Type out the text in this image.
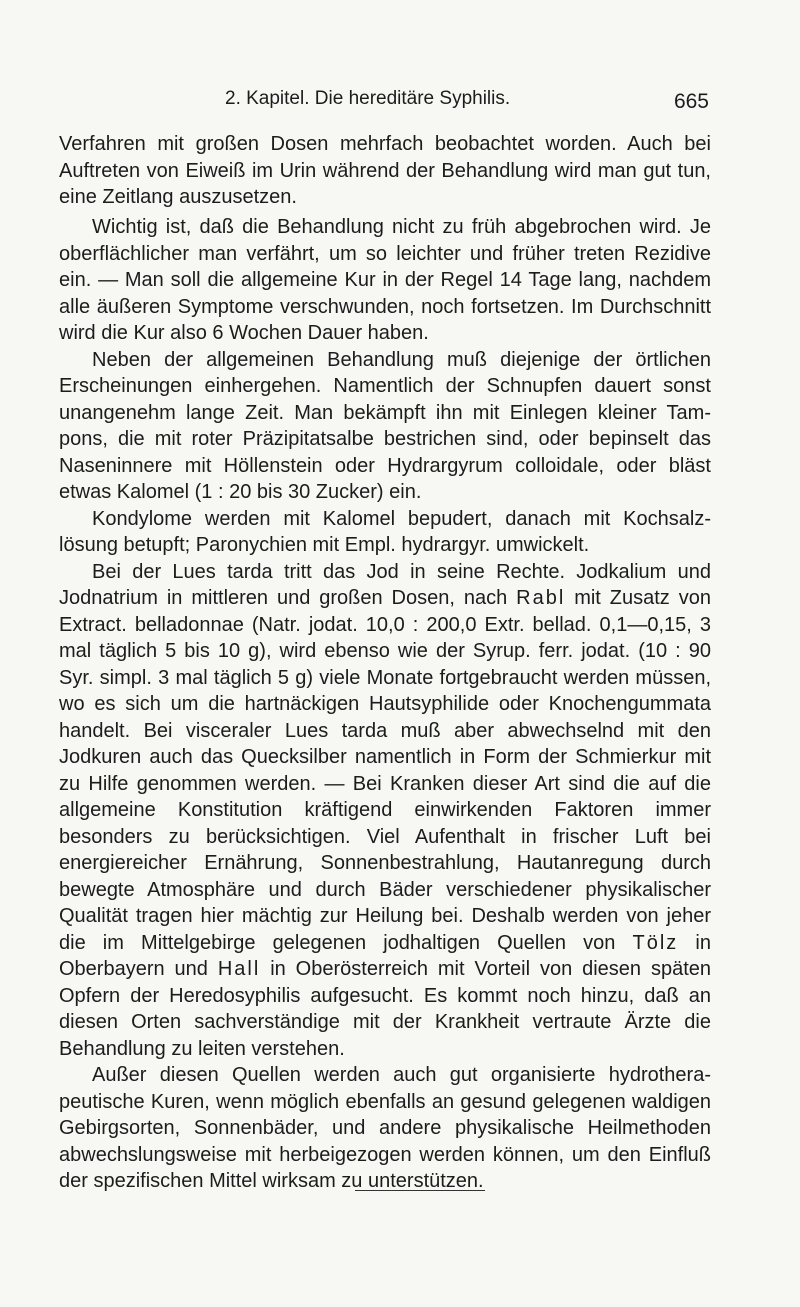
2. Kapitel. Die hereditäre Syphilis.	665

Verfahren mit großen Dosen mehrfach beobachtet worden. Auch bei Auftreten von Eiweiß im Urin während der Behandlung wird man gut tun, eine Zeitlang auszusetzen.

Wichtig ist, daß die Behandlung nicht zu früh abgebrochen wird. Je oberflächlicher man verfährt, um so leichter und früher treten Rezidive ein. — Man soll die allgemeine Kur in der Regel 14 Tage lang, nachdem alle äußeren Symptome verschwunden, noch fortsetzen. Im Durchschnitt wird die Kur also 6 Wochen Dauer haben.

Neben der allgemeinen Behandlung muß diejenige der örtlichen Erscheinungen einhergehen. Namentlich der Schnupfen dauert sonst unangenehm lange Zeit. Man bekämpft ihn mit Einlegen kleiner Tampons, die mit roter Präzipitatsalbe bestrichen sind, oder bepinselt das Naseninnere mit Höllenstein oder Hydrargyrum colloidale, oder bläst etwas Kalomel (1 : 20 bis 30 Zucker) ein.

Kondylome werden mit Kalomel bepudert, danach mit Kochsalzlösung betupft; Paronychien mit Empl. hydrargyr. umwickelt.

Bei der Lues tarda tritt das Jod in seine Rechte. Jodkalium und Jodnatrium in mittleren und großen Dosen, nach Rabl mit Zusatz von Extract. belladonnae (Natr. jodat. 10,0 : 200,0 Extr. bellad. 0,1—0,15, 3 mal täglich 5 bis 10 g), wird ebenso wie der Syrup. ferr. jodat. (10 : 90 Syr. simpl. 3 mal täglich 5 g) viele Monate fortgebraucht werden müssen, wo es sich um die hartnäckigen Hautsyphilide oder Knochengummata handelt. Bei visceraler Lues tarda muß aber abwechselnd mit den Jodkuren auch das Quecksilber namentlich in Form der Schmierkur mit zu Hilfe genommen werden. — Bei Kranken dieser Art sind die auf die allgemeine Konstitution kräftigend einwirkenden Faktoren immer besonders zu berücksichtigen. Viel Aufenthalt in frischer Luft bei energiereicher Ernährung, Sonnenbestrahlung, Hautanregung durch bewegte Atmosphäre und durch Bäder verschiedener physikalischer Qualität tragen hier mächtig zur Heilung bei. Deshalb werden von jeher die im Mittelgebirge gelegenen jodhaltigen Quellen von Tölz in Oberbayern und Hall in Oberösterreich mit Vorteil von diesen späten Opfern der Heredosyphilis aufgesucht. Es kommt noch hinzu, daß an diesen Orten sachverständige mit der Krankheit vertraute Ärzte die Behandlung zu leiten verstehen.

Außer diesen Quellen werden auch gut organisierte hydrotherapeutische Kuren, wenn möglich ebenfalls an gesund gelegenen waldigen Gebirgsorten, Sonnenbäder, und andere physikalische Heilmethoden abwechslungsweise mit herbeigezogen werden können, um den Einfluß der spezifischen Mittel wirksam zu unterstützen.
